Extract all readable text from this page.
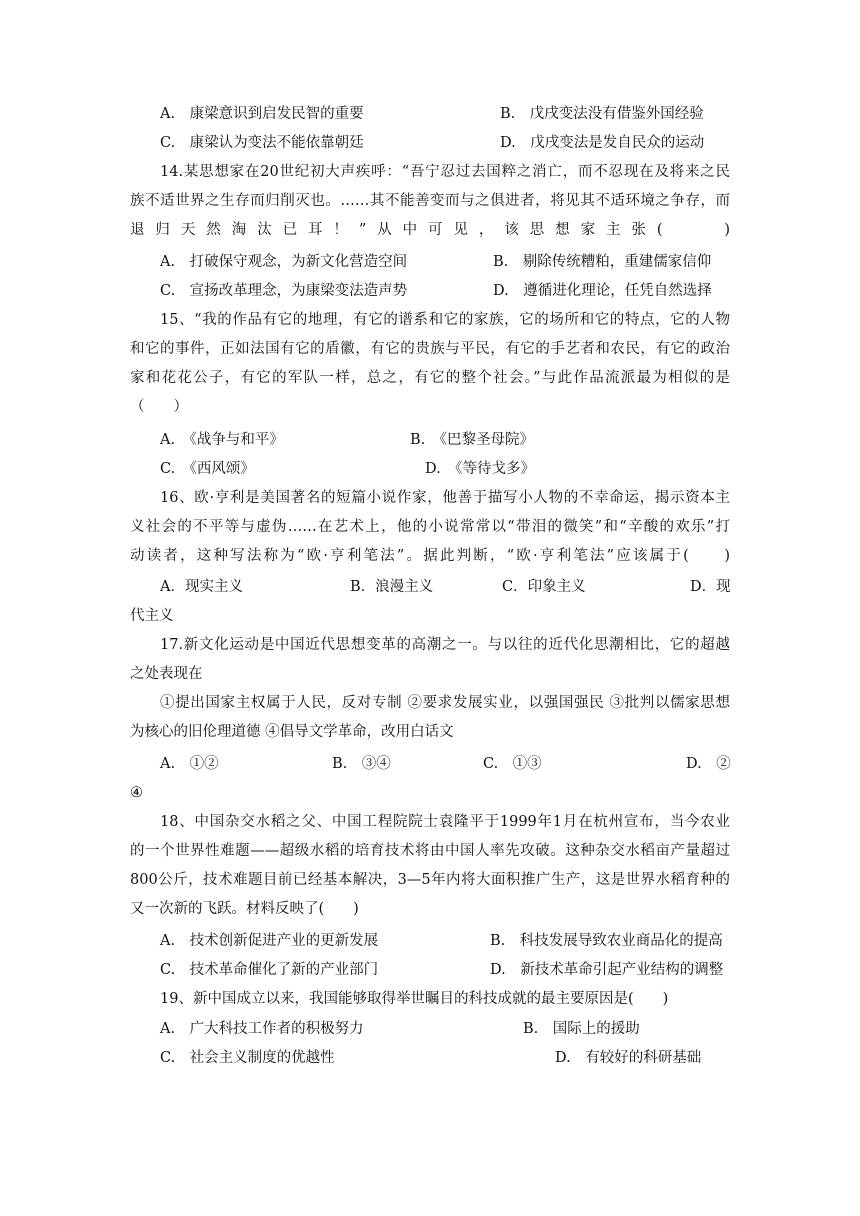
A.　康梁意识到启发民智的重要	B.　戊戌变法没有借鉴外国经验
C.　康梁认为变法不能依靠朝廷	D.　戊戌变法是发自民众的运动
14.某思想家在20世纪初大声疾呼：“吾宁忍过去国粹之消亡，而不忍现在及将来之民
族不适世界之生存而归削灭也。……其不能善变而与之俱进者，将见其不适环境之争存，而
退归天然淘汰已耳！”从中可见，该思想家主张(　　)
A.　打破保守观念，为新文化营造空间	B.　剔除传统糟粕，重建儒家信仰
C.　宣扬改革理念，为康梁变法造声势	D.　遵循进化理论，任凭自然选择
15、“我的作品有它的地理，有它的谱系和它的家族，它的场所和它的特点，它的人物
和它的事件，正如法国有它的盾徽，有它的贵族与平民，有它的手艺者和农民，有它的政治
家和花花公子，有它的军队一样，总之，有它的整个社会。”与此作品流派最为相似的是
（　　）
A.　《战争与和平》	B.　《巴黎圣母院》
C.　《西风颂》	D.　《等待戈多》
16、欧·亨利是美国著名的短篇小说作家，他善于描写小人物的不幸命运，揭示资本主
义社会的不平等与虚伪……在艺术上，他的小说常常以“带泪的微笑”和“辛酸的欢乐”打
动读者，这种写法称为“欧·亨利笔法”。据此判断，“欧·亨利笔法”应该属于(　　)
A．现实主义	B．浪漫主义	C．印象主义	D．现
代主义
17.新文化运动是中国近代思想变革的高潮之一。与以往的近代化思潮相比，它的超越
之处表现在
①提出国家主权属于人民，反对专制 ②要求发展实业，以强国强民 ③批判以儒家思想
为核心的旧伦理道德 ④倡导文学革命，改用白话文
A.　①②	B.　③④	C.　①③	D.　②
④
18、中国杂交水稻之父、中国工程院院士袁隆平于1999年1月在杭州宣布，当今农业
的一个世界性难题——超级水稻的培育技术将由中国人率先攻破。这种杂交水稻亩产量超过
800公斤，技术难题目前已经基本解决，3—5年内将大面积推广生产，这是世界水稻育种的
又一次新的飞跃。材料反映了(　　)
A.　技术创新促进产业的更新发展	B.　科技发展导致农业商品化的提高
C.　技术革命催化了新的产业部门	D.　新技术革命引起产业结构的调整
19、新中国成立以来，我国能够取得举世瞩目的科技成就的最主要原因是(　　)
A.　广大科技工作者的积极努力	B.　国际上的援助
C.　社会主义制度的优越性	D.　有较好的科研基础
